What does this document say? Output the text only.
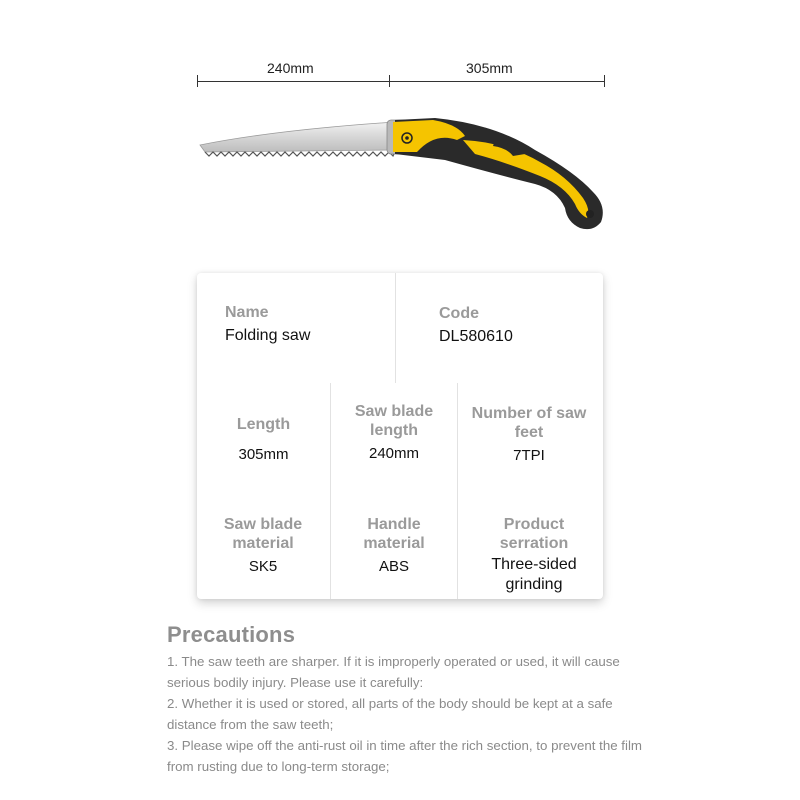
240mm	305mm
Name
Folding saw
Code
DL580610
Length
305mm
Saw blade length
240mm
Number of saw feet
7TPI
Saw blade material
SK5
Handle material
ABS
Product serration
Three-sided grinding
Precautions
1. The saw teeth are sharper. If it is improperly operated or used, it will cause serious bodily injury. Please use it carefully:
2. Whether it is used or stored, all parts of the body should be kept at a safe distance from the saw teeth;
3. Please wipe off the anti-rust oil in time after the rich section, to prevent the film from rusting due to long-term storage;
